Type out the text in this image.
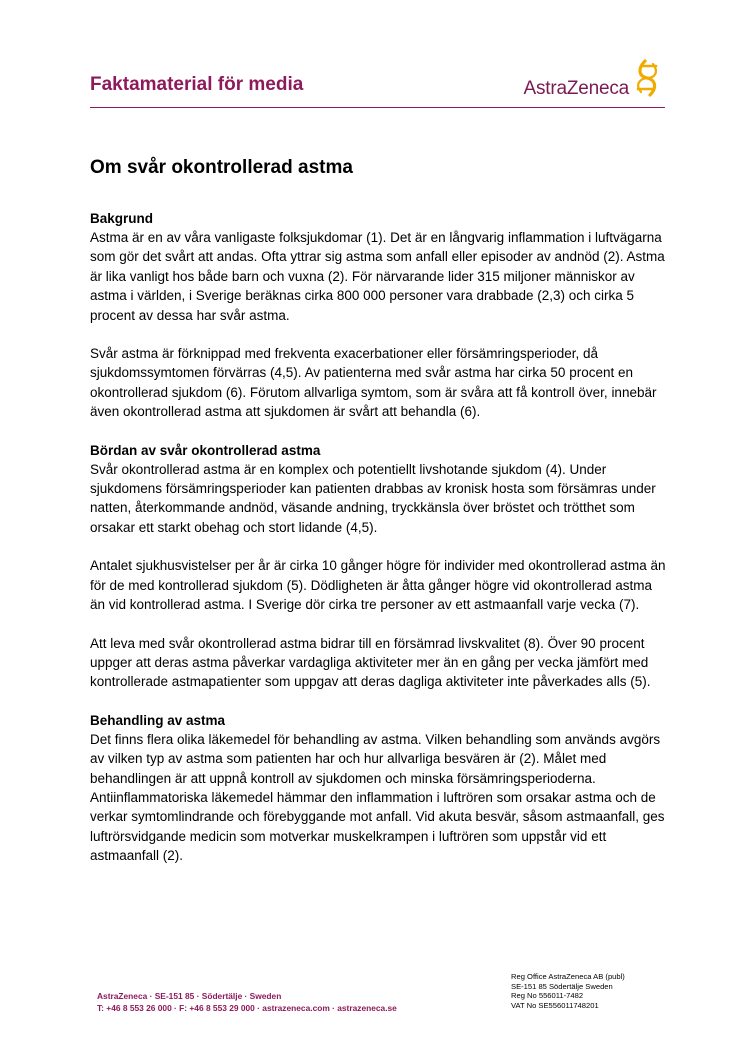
Faktamaterial för media	AstraZeneca
Om svår okontrollerad astma
Bakgrund

Astma är en av våra vanligaste folksjukdomar (1). Det är en långvarig inflammation i luftvägarna som gör det svårt att andas. Ofta yttrar sig astma som anfall eller episoder av andnöd (2). Astma är lika vanligt hos både barn och vuxna (2). För närvarande lider 315 miljoner människor av astma i världen, i Sverige beräknas cirka 800 000 personer vara drabbade (2,3) och cirka 5 procent av dessa har svår astma.

Svår astma är förknippad med frekventa exacerbationer eller försämringsperioder, då sjukdomssymtomen förvärras (4,5). Av patienterna med svår astma har cirka 50 procent en okontrollerad sjukdom (6). Förutom allvarliga symtom, som är svåra att få kontroll över, innebär även okontrollerad astma att sjukdomen är svårt att behandla (6).

Bördan av svår okontrollerad astma

Svår okontrollerad astma är en komplex och potentiellt livshotande sjukdom (4). Under sjukdomens försämringsperioder kan patienten drabbas av kronisk hosta som försämras under natten, återkommande andnöd, väsande andning, tryckkänsla över bröstet och trötthet som orsakar ett starkt obehag och stort lidande (4,5).

Antalet sjukhusvistelser per år är cirka 10 gånger högre för individer med okontrollerad astma än för de med kontrollerad sjukdom (5). Dödligheten är åtta gånger högre vid okontrollerad astma än vid kontrollerad astma. I Sverige dör cirka tre personer av ett astmaanfall varje vecka (7).

Att leva med svår okontrollerad astma bidrar till en försämrad livskvalitet (8). Över 90 procent uppger att deras astma påverkar vardagliga aktiviteter mer än en gång per vecka jämfört med kontrollerade astmapatienter som uppgav att deras dagliga aktiviteter inte påverkades alls (5).

Behandling av astma

Det finns flera olika läkemedel för behandling av astma. Vilken behandling som används avgörs av vilken typ av astma som patienten har och hur allvarliga besvären är (2). Målet med behandlingen är att uppnå kontroll av sjukdomen och minska försämringsperioderna. Antiinflammatoriska läkemedel hämmar den inflammation i luftrören som orsakar astma och de verkar symtomlindrande och förebyggande mot anfall. Vid akuta besvär, såsom astmaanfall, ges luftrörsvidgande medicin som motverkar muskelkrampen i luftrören som uppstår vid ett astmaanfall (2).

AstraZeneca · SE-151 85 · Södertälje · Sweden
T: +46 8 553 26 000 · F: +46 8 553 29 000 · astrazeneca.com · astrazeneca.se
Reg Office AstraZeneca AB (publ)
SE-151 85 Södertälje Sweden
Reg No 556011-7482
VAT No SE556011748201
